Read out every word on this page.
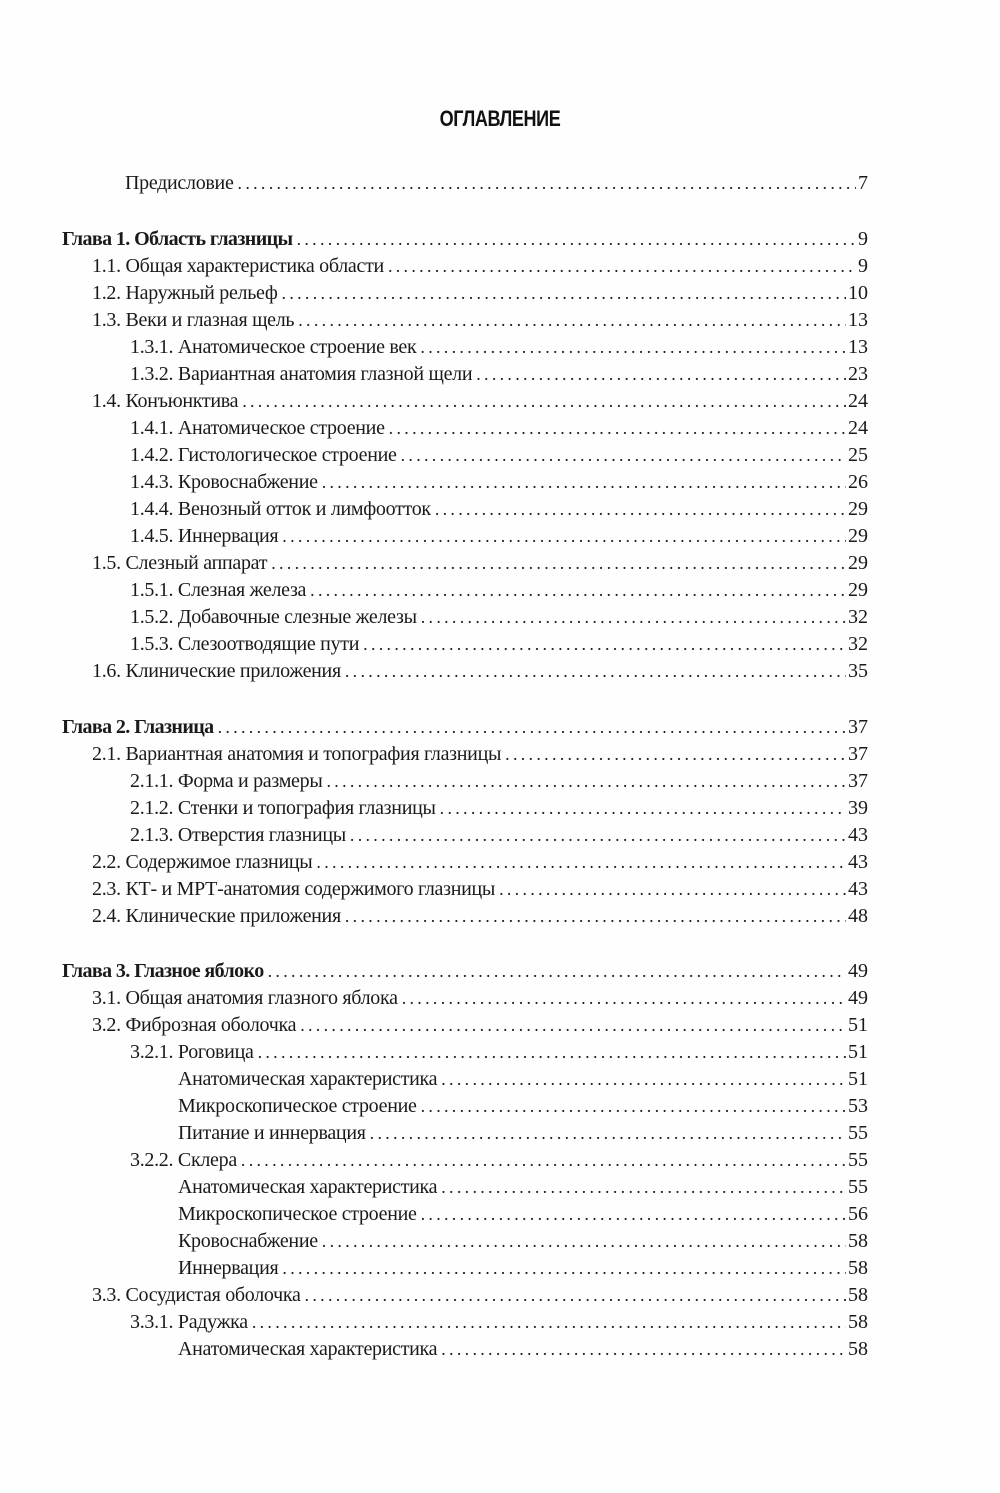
ОГЛАВЛЕНИЕ
Предисловие . . .	7
Глава 1. Область глазницы . . .	9
1.1. Общая характеристика области . . .	9
1.2. Наружный рельеф . . .	10
1.3. Веки и глазная щель . . .	13
1.3.1. Анатомическое строение век . . .	13
1.3.2. Вариантная анатомия глазной щели . . .	23
1.4. Конъюнктива . . .	24
1.4.1. Анатомическое строение . . .	24
1.4.2. Гистологическое строение . . .	25
1.4.3. Кровоснабжение . . .	26
1.4.4. Венозный отток и лимфоотток . . .	29
1.4.5. Иннервация . . .	29
1.5. Слезный аппарат . . .	29
1.5.1. Слезная железа . . .	29
1.5.2. Добавочные слезные железы . . .	32
1.5.3. Слезоотводящие пути . . .	32
1.6. Клинические приложения . . .	35
Глава 2. Глазница . . .	37
2.1. Вариантная анатомия и топография глазницы . . .	37
2.1.1. Форма и размеры . . .	37
2.1.2. Стенки и топография глазницы . . .	39
2.1.3. Отверстия глазницы . . .	43
2.2. Содержимое глазницы . . .	43
2.3. КТ- и МРТ-анатомия содержимого глазницы . . .	43
2.4. Клинические приложения . . .	48
Глава 3. Глазное яблоко . . .	49
3.1. Общая анатомия глазного яблока . . .	49
3.2. Фиброзная оболочка . . .	51
3.2.1. Роговица . . .	51
Анатомическая характеристика . . .	51
Микроскопическое строение . . .	53
Питание и иннервация . . .	55
3.2.2. Склера . . .	55
Анатомическая характеристика . . .	55
Микроскопическое строение . . .	56
Кровоснабжение . . .	58
Иннервация . . .	58
3.3. Сосудистая оболочка . . .	58
3.3.1. Радужка . . .	58
Анатомическая характеристика . . .	58
